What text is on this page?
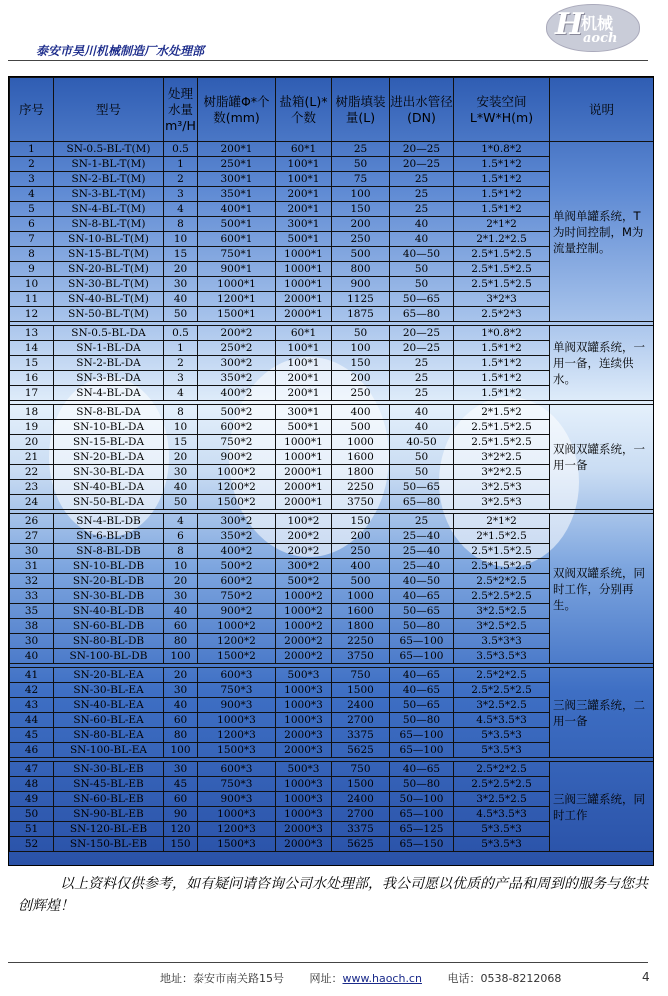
泰安市昊川机械制造厂水处理部
H
机械
aoch
序号	型号	处理水量m³/H	树脂罐Φ*个数(mm)	盐箱(L)*个数	树脂填装量(L)	进出水管径(DN)	安装空间L*W*H(m)	说明
1	SN-0.5-BL-T(M)	0.5	200*1	60*1	25	20—25	1*0.8*2	单阀单罐系统，T为时间控制，M为流量控制。
2	SN-1-BL-T(M)	1	250*1	100*1	50	20—25	1.5*1*2	
3	SN-2-BL-T(M)	2	300*1	100*1	75	25	1.5*1*2	
4	SN-3-BL-T(M)	3	350*1	200*1	100	25	1.5*1*2	
5	SN-4-BL-T(M)	4	400*1	200*1	150	25	1.5*1*2	
6	SN-8-BL-T(M)	8	500*1	300*1	200	40	2*1*2	
7	SN-10-BL-T(M)	10	600*1	500*1	250	40	2*1.2*2.5	
8	SN-15-BL-T(M)	15	750*1	1000*1	500	40—50	2.5*1.5*2.5	
9	SN-20-BL-T(M)	20	900*1	1000*1	800	50	2.5*1.5*2.5	
10	SN-30-BL-T(M)	30	1000*1	1000*1	900	50	2.5*1.5*2.5	
11	SN-40-BL-T(M)	40	1200*1	2000*1	1125	50—65	3*2*3	
12	SN-50-BL-T(M)	50	1500*1	2000*1	1875	65—80	2.5*2*3	

13	SN-0.5-BL-DA	0.5	200*2	60*1	50	20—25	1*0.8*2	单阀双罐系统，一用一备，连续供水。
14	SN-1-BL-DA	1	250*2	100*1	100	20—25	1.5*1*2	
15	SN-2-BL-DA	2	300*2	100*1	150	25	1.5*1*2	
16	SN-3-BL-DA	3	350*2	200*1	200	25	1.5*1*2	
17	SN-4-BL-DA	4	400*2	200*1	250	25	1.5*1*2	

18	SN-8-BL-DA	8	500*2	300*1	400	40	2*1.5*2	双阀双罐系统，一用一备
19	SN-10-BL-DA	10	600*2	500*1	500	40	2.5*1.5*2.5	
20	SN-15-BL-DA	15	750*2	1000*1	1000	40-50	2.5*1.5*2.5	
21	SN-20-BL-DA	20	900*2	1000*1	1600	50	3*2*2.5	
22	SN-30-BL-DA	30	1000*2	2000*1	1800	50	3*2*2.5	
23	SN-40-BL-DA	40	1200*2	2000*1	2250	50—65	3*2.5*3	
24	SN-50-BL-DA	50	1500*2	2000*1	3750	65—80	3*2.5*3	

26	SN-4-BL-DB	4	300*2	100*2	150	25	2*1*2	双阀双罐系统，同时工作，分别再生。
27	SN-6-BL-DB	6	350*2	200*2	200	25—40	2*1.5*2.5	
30	SN-8-BL-DB	8	400*2	200*2	250	25—40	2.5*1.5*2.5	
31	SN-10-BL-DB	10	500*2	300*2	400	25—40	2.5*1.5*2.5	
32	SN-20-BL-DB	20	600*2	500*2	500	40—50	2.5*2*2.5	
33	SN-30-BL-DB	30	750*2	1000*2	1000	40—65	2.5*2.5*2.5	
35	SN-40-BL-DB	40	900*2	1000*2	1600	50—65	3*2.5*2.5	
38	SN-60-BL-DB	60	1000*2	1000*2	1800	50—80	3*2.5*2.5	
30	SN-80-BL-DB	80	1200*2	2000*2	2250	65—100	3.5*3*3	
40	SN-100-BL-DB	100	1500*2	2000*2	3750	65—100	3.5*3.5*3	

41	SN-20-BL-EA	20	600*3	500*3	750	40—65	2.5*2*2.5	三阀三罐系统，二用一备
42	SN-30-BL-EA	30	750*3	1000*3	1500	40—65	2.5*2.5*2.5	
43	SN-40-BL-EA	40	900*3	1000*3	2400	50—65	3*2.5*2.5	
44	SN-60-BL-EA	60	1000*3	1000*3	2700	50—80	4.5*3.5*3	
45	SN-80-BL-EA	80	1200*3	2000*3	3375	65—100	5*3.5*3	
46	SN-100-BL-EA	100	1500*3	2000*3	5625	65—100	5*3.5*3	

47	SN-30-BL-EB	30	600*3	500*3	750	40—65	2.5*2*2.5	三阀三罐系统，同时工作
48	SN-45-BL-EB	45	750*3	1000*3	1500	50—80	2.5*2.5*2.5	
49	SN-60-BL-EB	60	900*3	1000*3	2400	50—100	3*2.5*2.5	
50	SN-90-BL-EB	90	1000*3	1000*3	2700	65—100	4.5*3.5*3	
51	SN-120-BL-EB	120	1200*3	2000*3	3375	65—125	5*3.5*3	
52	SN-150-BL-EB	150	1500*3	2000*3	5625	65—150	5*3.5*3	
以上资料仅供参考，如有疑问请咨询公司水处理部，我公司愿以优质的产品和周到的服务与您共创辉煌！
地址：泰安市南关路15号 网址：www.haoch.cn 电话：0538-8212068	4
